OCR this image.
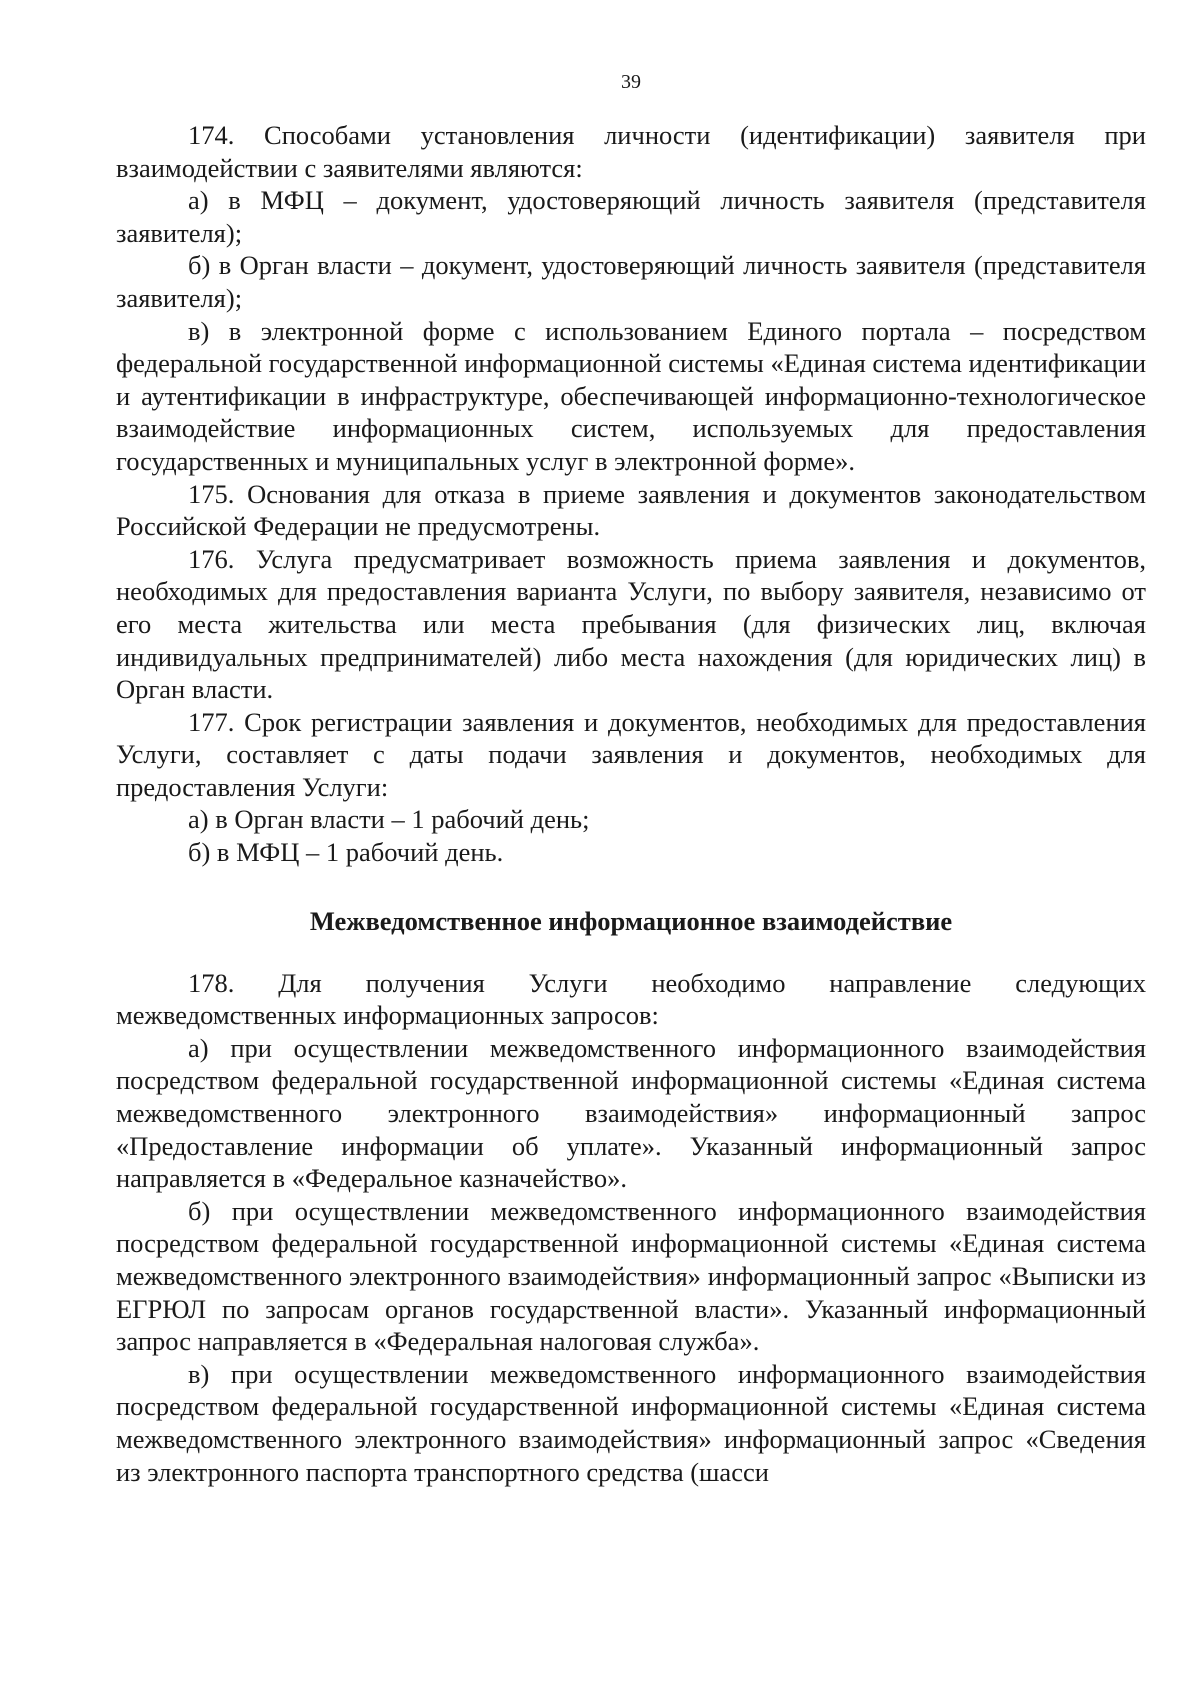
39

174. Способами установления личности (идентификации) заявителя при взаимодействии с заявителями являются:

а) в МФЦ – документ, удостоверяющий личность заявителя (представителя заявителя);

б) в Орган власти – документ, удостоверяющий личность заявителя (представителя заявителя);

в) в электронной форме с использованием Единого портала – посредством федеральной государственной информационной системы «Единая система идентификации и аутентификации в инфраструктуре, обеспечивающей информационно-технологическое взаимодействие информационных систем, используемых для предоставления государственных и муниципальных услуг в электронной форме».

175. Основания для отказа в приеме заявления и документов законодательством Российской Федерации не предусмотрены.

176. Услуга предусматривает возможность приема заявления и документов, необходимых для предоставления варианта Услуги, по выбору заявителя, независимо от его места жительства или места пребывания (для физических лиц, включая индивидуальных предпринимателей) либо места нахождения (для юридических лиц) в Орган власти.

177. Срок регистрации заявления и документов, необходимых для предоставления Услуги, составляет с даты подачи заявления и документов, необходимых для предоставления Услуги:

а) в Орган власти – 1 рабочий день;

б) в МФЦ – 1 рабочий день.

Межведомственное информационное взаимодействие

178. Для получения Услуги необходимо направление следующих межведомственных информационных запросов:

а) при осуществлении межведомственного информационного взаимодействия посредством федеральной государственной информационной системы «Единая система межведомственного электронного взаимодействия» информационный запрос «Предоставление информации об уплате». Указанный информационный запрос направляется в «Федеральное казначейство».

б) при осуществлении межведомственного информационного взаимодействия посредством федеральной государственной информационной системы «Единая система межведомственного электронного взаимодействия» информационный запрос «Выписки из ЕГРЮЛ по запросам органов государственной власти». Указанный информационный запрос направляется в «Федеральная налоговая служба».

в) при осуществлении межведомственного информационного взаимодействия посредством федеральной государственной информационной системы «Единая система межведомственного электронного взаимодействия» информационный запрос «Сведения из электронного паспорта транспортного средства (шасси
